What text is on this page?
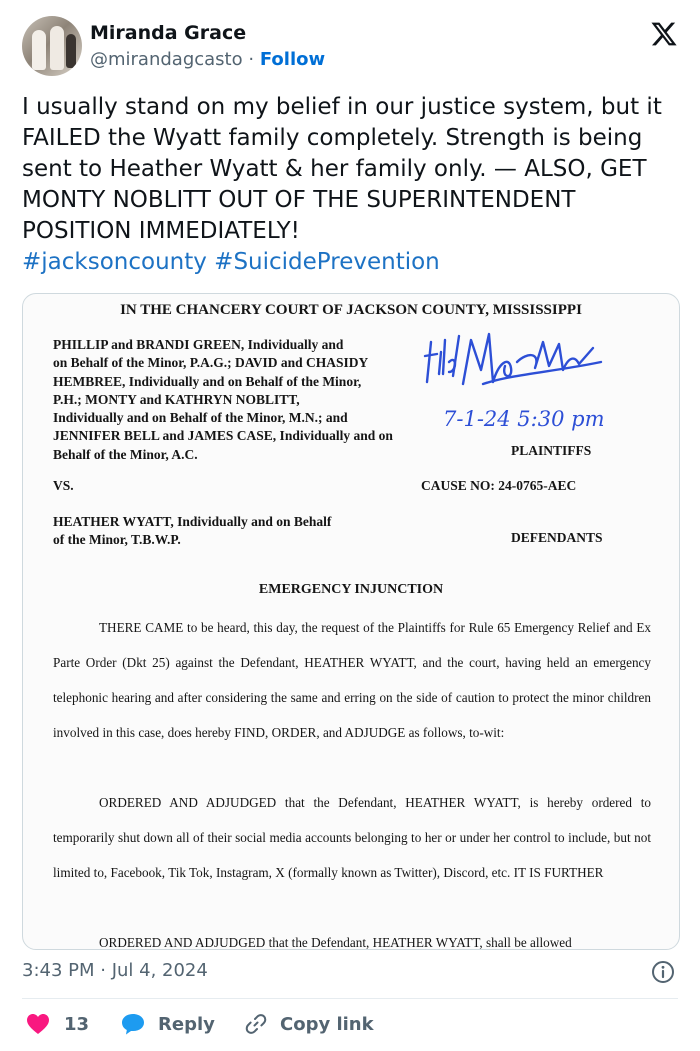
Miranda Grace
@mirandagcasto · Follow

I usually stand on my belief in our justice system, but it FAILED the Wyatt family completely. Strength is being sent to Heather Wyatt & her family only. — ALSO, GET MONTY NOBLITT OUT OF THE SUPERINTENDENT POSITION IMMEDIATELY!
#jacksoncounty #SuicidePrevention

IN THE CHANCERY COURT OF JACKSON COUNTY, MISSISSIPPI
PHILLIP and BRANDI GREEN, Individually and
on Behalf of the Minor, P.A.G.; DAVID and CHASIDY
HEMBREE, Individually and on Behalf of the Minor,
P.H.; MONTY and KATHRYN NOBLITT,
Individually and on Behalf of the Minor, M.N.; and
JENNIFER BELL and JAMES CASE, Individually and on
Behalf of the Minor, A.C.	PLAINTIFFS
VS.	CAUSE NO: 24-0765-AEC
HEATHER WYATT, Individually and on Behalf
of the Minor, T.B.W.P.	DEFENDANTS
EMERGENCY INJUNCTION

THERE CAME to be heard, this day, the request of the Plaintiffs for Rule 65 Emergency Relief and Ex Parte Order (Dkt 25) against the Defendant, HEATHER WYATT, and the court, having held an emergency telephonic hearing and after considering the same and erring on the side of caution to protect the minor children involved in this case, does hereby FIND, ORDER, and ADJUDGE as follows, to-wit:

ORDERED AND ADJUDGED that the Defendant, HEATHER WYATT, is hereby ordered to temporarily shut down all of their social media accounts belonging to her or under her control to include, but not limited to, Facebook, Tik Tok, Instagram, X (formally known as Twitter), Discord, etc. IT IS FURTHER

ORDERED AND ADJUDGED that the Defendant, HEATHER WYATT, shall be allowed

Filed
7-1-24 5:30 pm
3:43 PM · Jul 4, 2024
13	Reply	Copy link
